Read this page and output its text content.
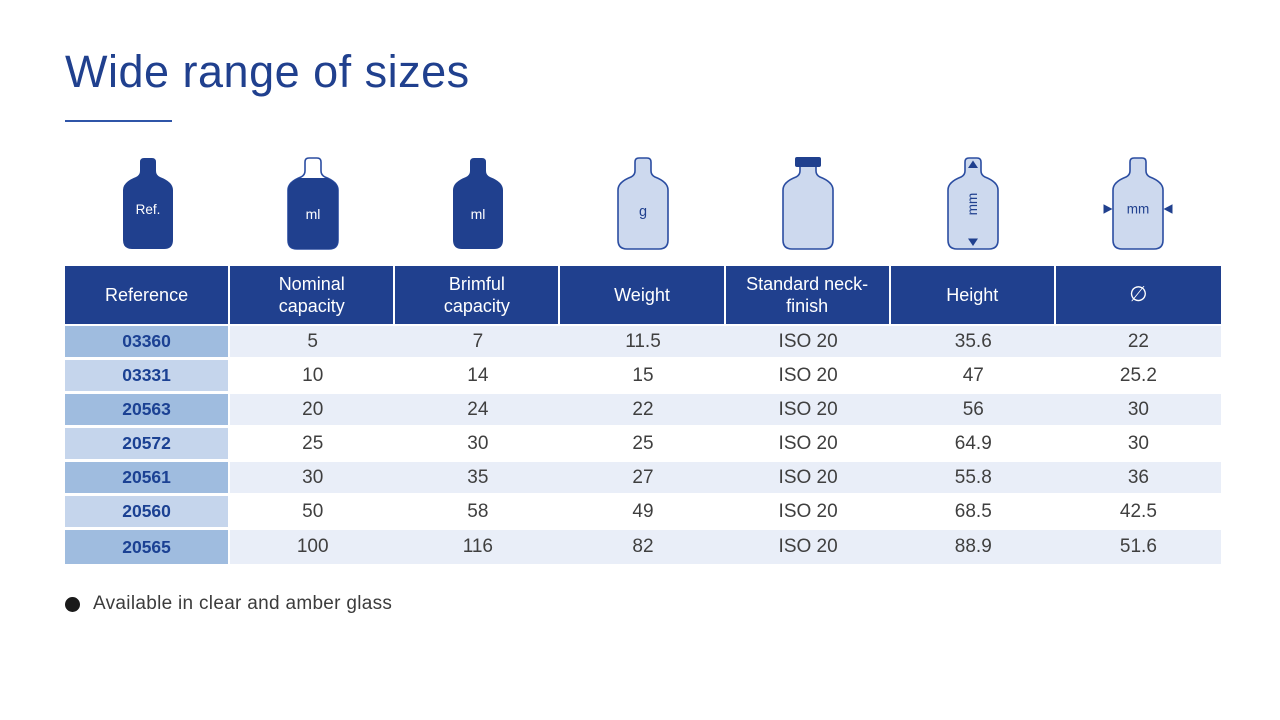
Wide range of sizes
Ref.	ml	ml	g	mm	mm
Reference	Nominal capacity	Brimful capacity	Weight	Standard neck-finish	Height	∅
03360	5	7	11.5	ISO 20	35.6	22
03331	10	14	15	ISO 20	47	25.2
20563	20	24	22	ISO 20	56	30
20572	25	30	25	ISO 20	64.9	30
20561	30	35	27	ISO 20	55.8	36
20560	50	58	49	ISO 20	68.5	42.5
20565	100	116	82	ISO 20	88.9	51.6
Available in clear and amber glass
